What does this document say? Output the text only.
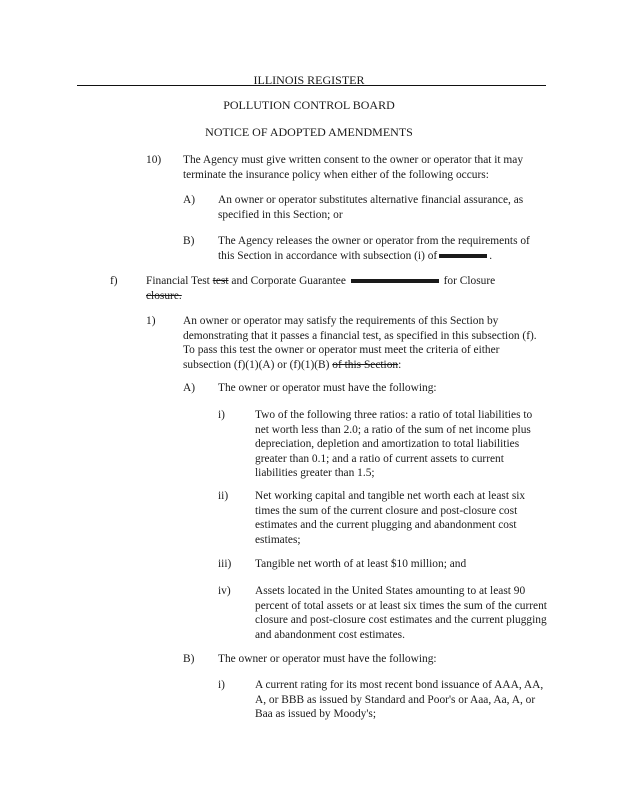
ILLINOIS REGISTER
POLLUTION CONTROL BOARD
NOTICE OF ADOPTED AMENDMENTS
10) The Agency must give written consent to the owner or operator that it may terminate the insurance policy when either of the following occurs:
A) An owner or operator substitutes alternative financial assurance, as specified in this Section; or
B) The Agency releases the owner or operator from the requirements of this Section in accordance with subsection (i) of	.
f) Financial Test test and Corporate Guarantee	for Closure
closure.
1) An owner or operator may satisfy the requirements of this Section by demonstrating that it passes a financial test, as specified in this subsection (f). To pass this test the owner or operator must meet the criteria of either subsection (f)(1)(A) or (f)(1)(B) of this Section:
A) The owner or operator must have the following:
i)	Two of the following three ratios: a ratio of total liabilities to net worth less than 2.0; a ratio of the sum of net income plus depreciation, depletion and amortization to total liabilities greater than 0.1; and a ratio of current assets to current liabilities greater than 1.5;
ii) Net working capital and tangible net worth each at least six times the sum of the current closure and post-closure cost estimates and the current plugging and abandonment cost estimates;
iii) Tangible net worth of at least $10 million; and
iv) Assets located in the United States amounting to at least 90 percent of total assets or at least six times the sum of the current closure and post-closure cost estimates and the current plugging and abandonment cost estimates.
B) The owner or operator must have the following:
i)	A current rating for its most recent bond issuance of AAA, AA, A, or BBB as issued by Standard and Poor's or Aaa, Aa, A, or Baa as issued by Moody's;
